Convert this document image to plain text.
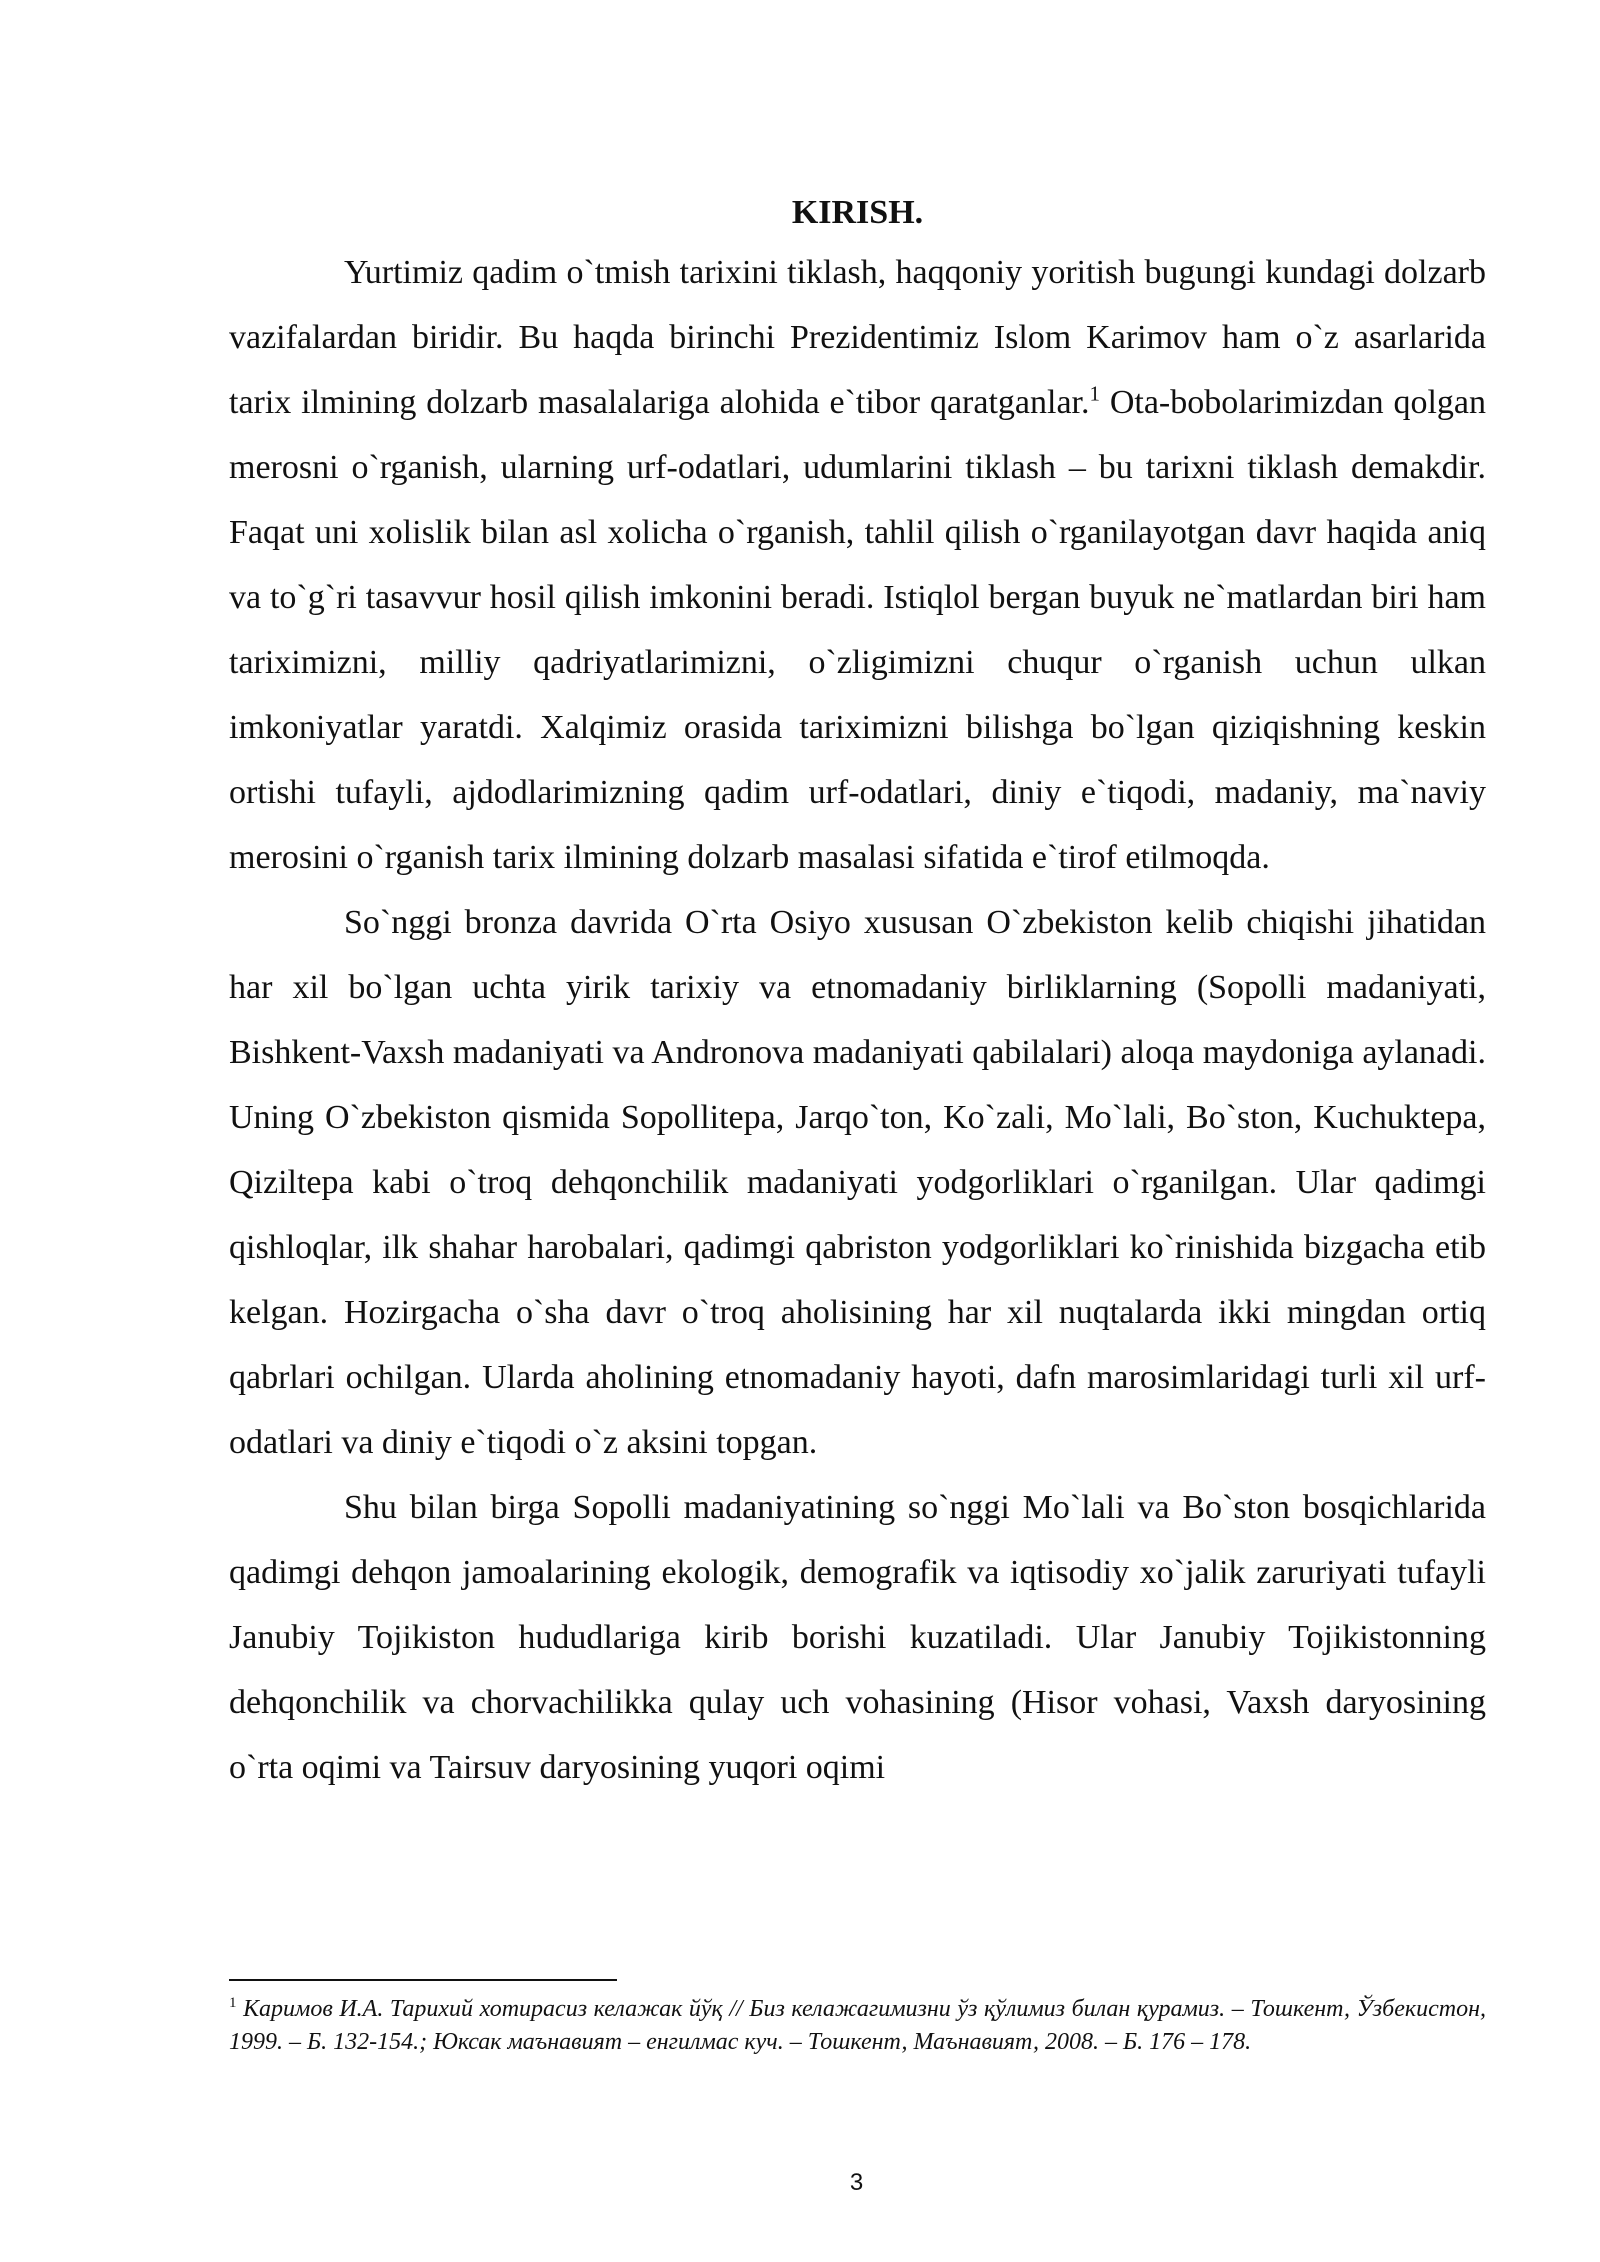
KIRISH.

Yurtimiz qadim o`tmish tarixini tiklash, haqqoniy yoritish bugungi kundagi dolzarb vazifalardan biridir. Bu haqda birinchi Prezidentimiz Islom Karimov ham o`z asarlarida tarix ilmining dolzarb masalalariga alohida e`tibor qaratganlar.$^1$ Ota-bobolarimizdan qolgan merosni o`rganish, ularning urf-odatlari, udumlarini tiklash – bu tarixni tiklash demakdir. Faqat uni xolislik bilan asl xolicha o`rganish, tahlil qilish o`rganilayotgan davr haqida aniq va to`g`ri tasavvur hosil qilish imkonini beradi. Istiqlol bergan buyuk ne`matlardan biri ham tariximizni, milliy qadriyatlarimizni, o`zligimizni chuqur o`rganish uchun ulkan imkoniyatlar yaratdi. Xalqimiz orasida tariximizni bilishga bo`lgan qiziqishning keskin ortishi tufayli, ajdodlarimizning qadim urf-odatlari, diniy e`tiqodi, madaniy, ma`naviy merosini o`rganish tarix ilmining dolzarb masalasi sifatida e`tirof etilmoqda.

So`nggi bronza davrida O`rta Osiyo xususan O`zbekiston kelib chiqishi jihatidan har xil bo`lgan uchta yirik tarixiy va etnomadaniy birliklarning (Sopolli madaniyati, Bishkent-Vaxsh madaniyati va Andronova madaniyati qabilalari) aloqa maydoniga aylanadi. Uning O`zbekiston qismida Sopollitepa, Jarqo`ton, Ko`zali, Mo`lali, Bo`ston, Kuchuktepa, Qiziltepa kabi o`troq dehqonchilik madaniyati yodgorliklari o`rganilgan. Ular qadimgi qishloqlar, ilk shahar harobalari, qadimgi qabriston yodgorliklari ko`rinishida bizgacha etib kelgan. Hozirgacha o`sha davr o`troq aholisining har xil nuqtalarda ikki mingdan ortiq qabrlari ochilgan. Ularda aholining etnomadaniy hayoti, dafn marosimlaridagi turli xil urf-odatlari va diniy e`tiqodi o`z aksini topgan.

Shu bilan birga Sopolli madaniyatining so`nggi Mo`lali va Bo`ston bosqichlarida qadimgi dehqon jamoalarining ekologik, demografik va iqtisodiy xo`jalik zaruriyati tufayli Janubiy Tojikiston hududlariga kirib borishi kuzatiladi. Ular Janubiy Tojikistonning dehqonchilik va chorvachilikka qulay uch vohasining (Hisor vohasi, Vaxsh daryosining o`rta oqimi va Tairsuv daryosining yuqori oqimi

$^1$ Каримов И.А. Тарихий хотирасиз келажак йўқ // Биз келажагимизни ўз қўлимиз билан қурамиз. – Тошкент, Ўзбекистон, 1999. – Б. 132-154.; Юксак маънавият – енгилмас куч. – Тошкент, Маънавият, 2008. – Б. 176 – 178.

3
